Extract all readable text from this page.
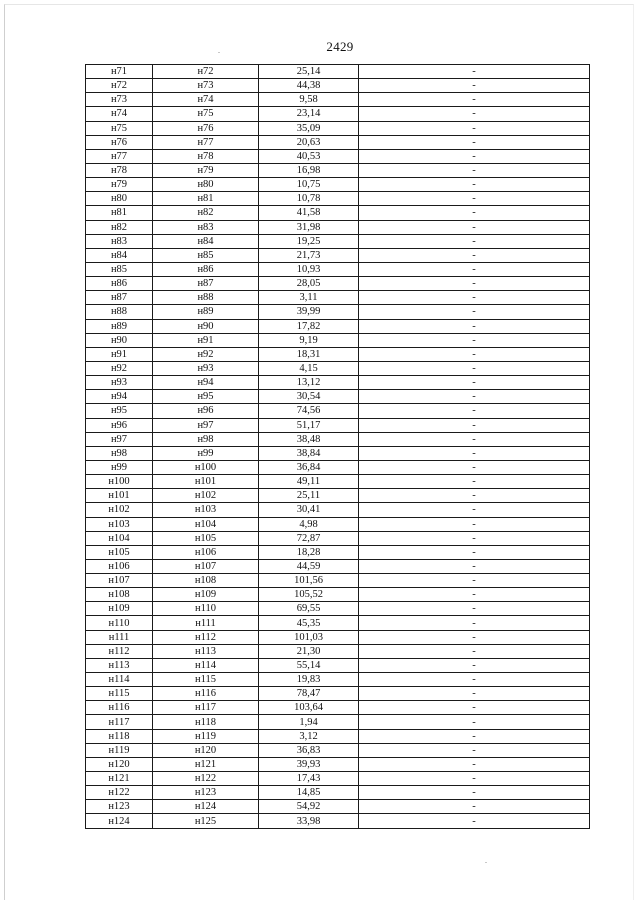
2429
н71	н72	25,14	-
н72	н73	44,38	-
н73	н74	9,58	-
н74	н75	23,14	-
н75	н76	35,09	-
н76	н77	20,63	-
н77	н78	40,53	-
н78	н79	16,98	-
н79	н80	10,75	-
н80	н81	10,78	-
н81	н82	41,58	-
н82	н83	31,98	-
н83	н84	19,25	-
н84	н85	21,73	-
н85	н86	10,93	-
н86	н87	28,05	-
н87	н88	3,11	-
н88	н89	39,99	-
н89	н90	17,82	-
н90	н91	9,19	-
н91	н92	18,31	-
н92	н93	4,15	-
н93	н94	13,12	-
н94	н95	30,54	-
н95	н96	74,56	-
н96	н97	51,17	-
н97	н98	38,48	-
н98	н99	38,84	-
н99	н100	36,84	-
н100	н101	49,11	-
н101	н102	25,11	-
н102	н103	30,41	-
н103	н104	4,98	-
н104	н105	72,87	-
н105	н106	18,28	-
н106	н107	44,59	-
н107	н108	101,56	-
н108	н109	105,52	-
н109	н110	69,55	-
н110	н111	45,35	-
н111	н112	101,03	-
н112	н113	21,30	-
н113	н114	55,14	-
н114	н115	19,83	-
н115	н116	78,47	-
н116	н117	103,64	-
н117	н118	1,94	-
н118	н119	3,12	-
н119	н120	36,83	-
н120	н121	39,93	-
н121	н122	17,43	-
н122	н123	14,85	-
н123	н124	54,92	-
н124	н125	33,98	-
